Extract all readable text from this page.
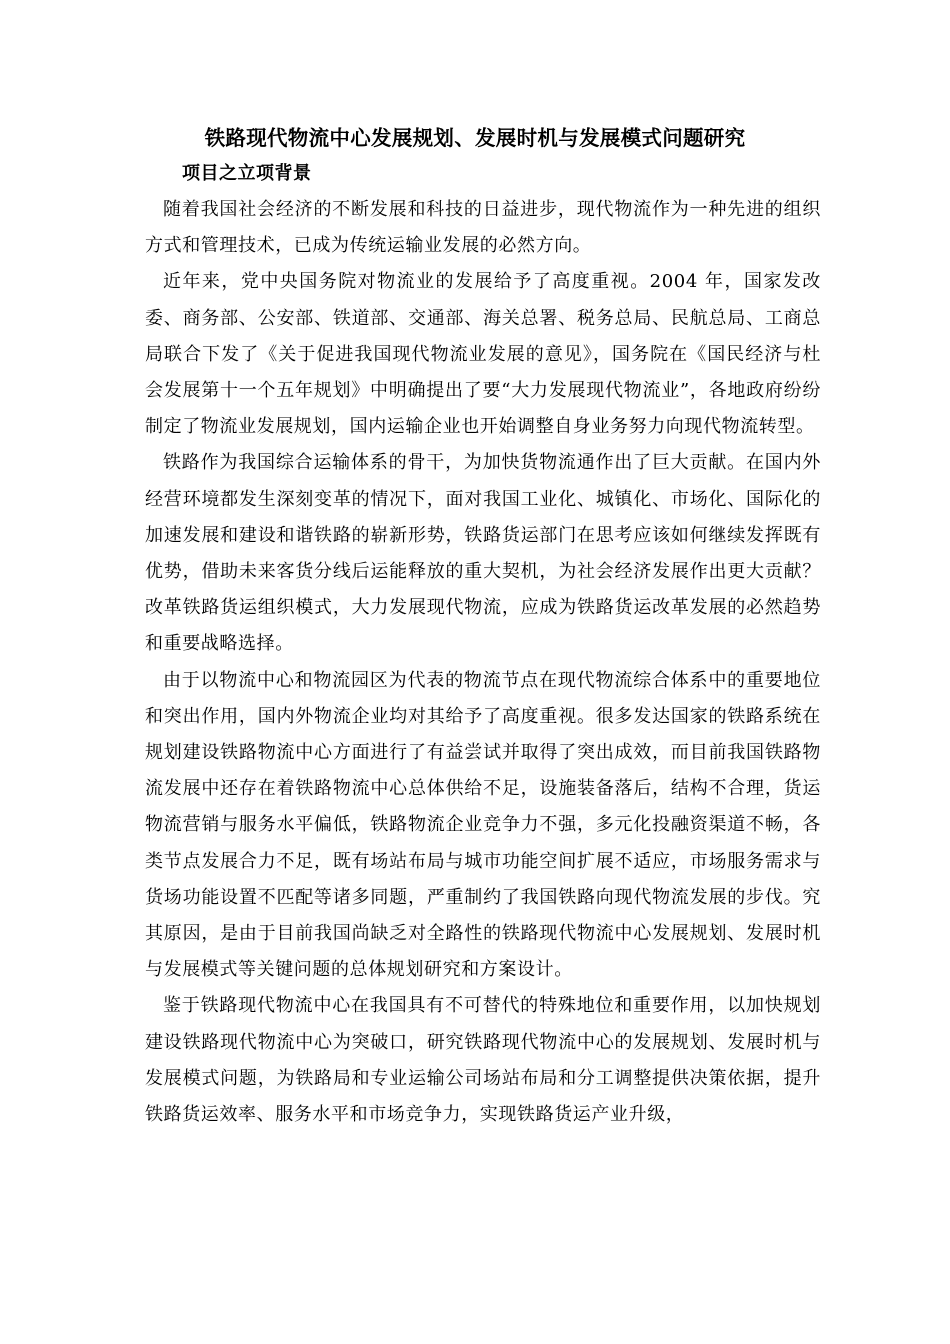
铁路现代物流中心发展规划、发展时机与发展模式问题研究
项目之立项背景

随着我国社会经济的不断发展和科技的日益进步，现代物流作为一种先进的组织方式和管理技术，已成为传统运输业发展的必然方向。

近年来，党中央国务院对物流业的发展给予了高度重视。2004 年，国家发改委、商务部、公安部、铁道部、交通部、海关总署、税务总局、民航总局、工商总局联合下发了《关于促进我国现代物流业发展的意见》，国务院在《国民经济与杜会发展第十一个五年规划》中明确提出了要“大力发展现代物流业”，各地政府纷纷制定了物流业发展规划，国内运输企业也开始调整自身业务努力向现代物流转型。

铁路作为我国综合运输体系的骨干，为加快货物流通作出了巨大贡献。在国内外经营环境都发生深刻变革的情况下，面对我国工业化、城镇化、市场化、国际化的加速发展和建设和谐铁路的崭新形势，铁路货运部门在思考应该如何继续发挥既有优势，借助未来客货分线后运能释放的重大契机，为社会经济发展作出更大贡献？改革铁路货运组织模式，大力发展现代物流，应成为铁路货运改革发展的必然趋势和重要战略选择。

由于以物流中心和物流园区为代表的物流节点在现代物流综合体系中的重要地位和突出作用，国内外物流企业均对其给予了高度重视。很多发达国家的铁路系统在规划建设铁路物流中心方面进行了有益尝试并取得了突出成效，而目前我国铁路物流发展中还存在着铁路物流中心总体供给不足，设施装备落后，结构不合理，货运物流营销与服务水平偏低，铁路物流企业竞争力不强，多元化投融资渠道不畅，各类节点发展合力不足，既有场站布局与城市功能空间扩展不适应，市场服务需求与货场功能设置不匹配等诸多同题，严重制约了我国铁路向现代物流发展的步伐。究其原因，是由于目前我国尚缺乏对全路性的铁路现代物流中心发展规划、发展时机与发展模式等关键问题的总体规划研究和方案设计。

鉴于铁路现代物流中心在我国具有不可替代的特殊地位和重要作用，以加快规划建设铁路现代物流中心为突破口，研究铁路现代物流中心的发展规划、发展时机与发展模式问题，为铁路局和专业运输公司场站布局和分工调整提供决策依据，提升铁路货运效率、服务水平和市场竞争力，实现铁路货运产业升级，
